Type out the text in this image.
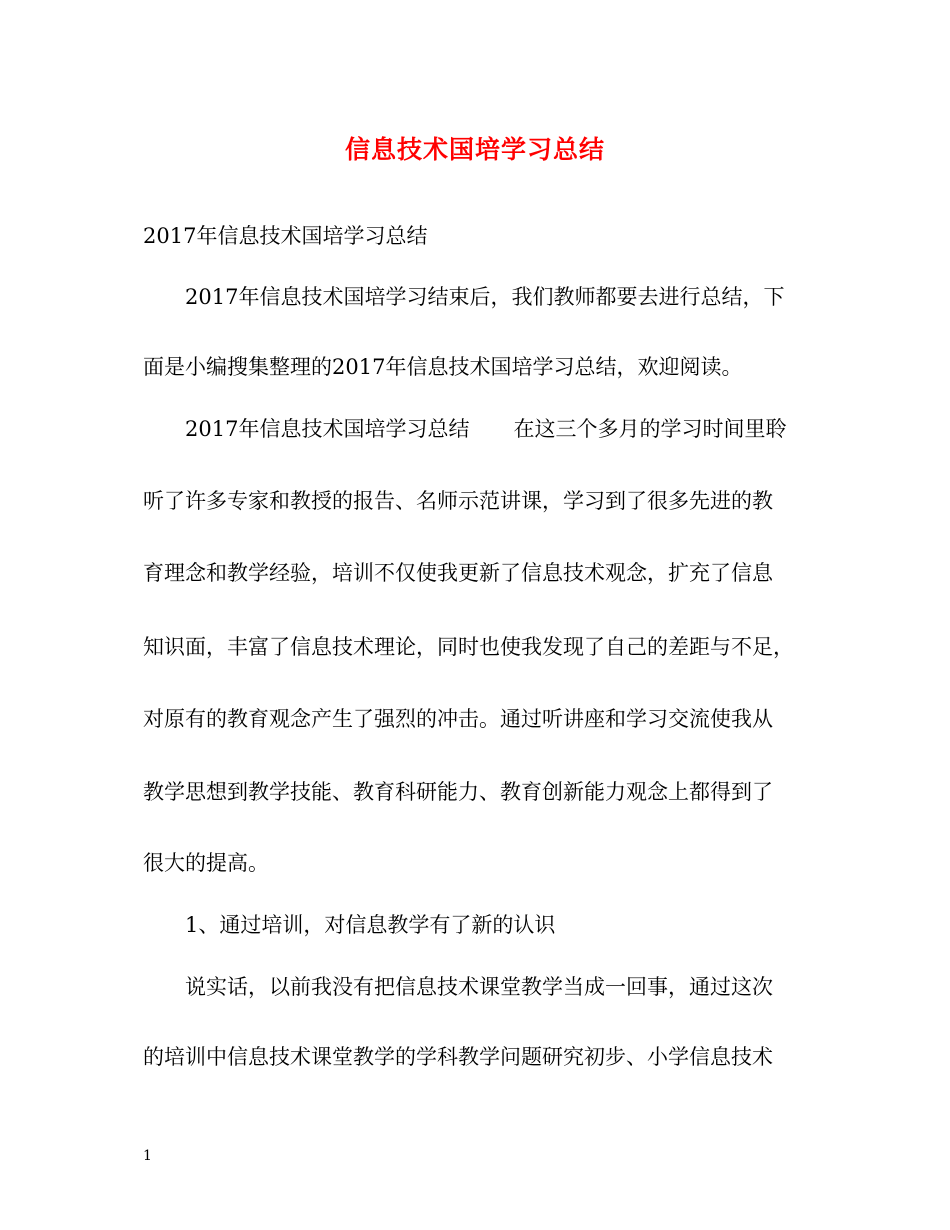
信息技术国培学习总结
2017年信息技术国培学习总结
2017年信息技术国培学习结束后，我们教师都要去进行总结，下
面是小编搜集整理的2017年信息技术国培学习总结，欢迎阅读。
2017年信息技术国培学习总结 在这三个多月的学习时间里聆
听了许多专家和教授的报告、名师示范讲课，学习到了很多先进的教
育理念和教学经验，培训不仅使我更新了信息技术观念，扩充了信息
知识面，丰富了信息技术理论，同时也使我发现了自己的差距与不足，
对原有的教育观念产生了强烈的冲击。通过听讲座和学习交流使我从
教学思想到教学技能、教育科研能力、教育创新能力观念上都得到了
很大的提高。
1、通过培训，对信息教学有了新的认识
说实话，以前我没有把信息技术课堂教学当成一回事，通过这次
的培训中信息技术课堂教学的学科教学问题研究初步、小学信息技术
1
